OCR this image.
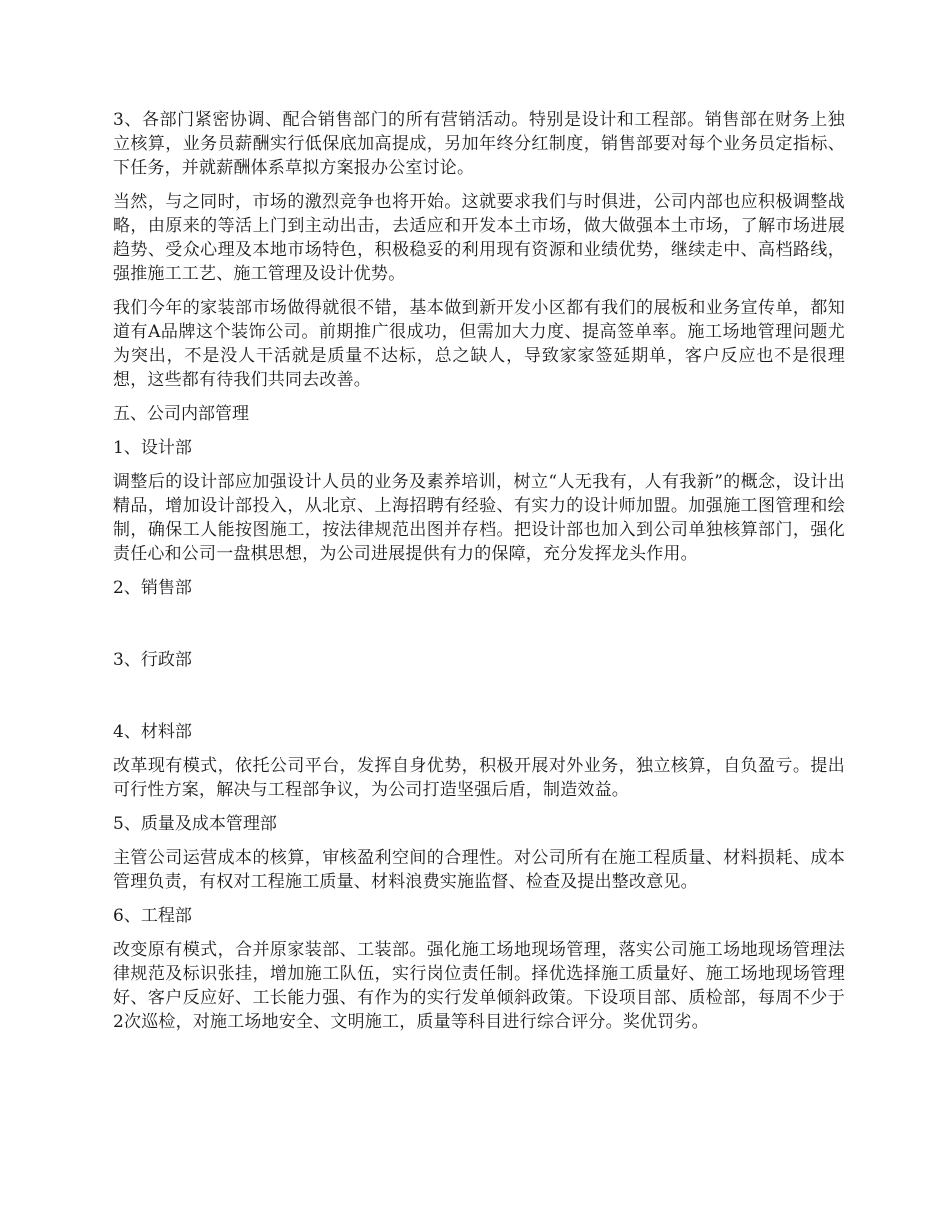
3、各部门紧密协调、配合销售部门的所有营销活动。特别是设计和工程部。销售部在财务上独立核算，业务员薪酬实行低保底加高提成，另加年终分红制度，销售部要对每个业务员定指标、下任务，并就薪酬体系草拟方案报办公室讨论。

当然，与之同时，市场的激烈竞争也将开始。这就要求我们与时俱进，公司内部也应积极调整战略，由原来的等活上门到主动出击，去适应和开发本土市场，做大做强本土市场，了解市场进展趋势、受众心理及本地市场特色，积极稳妥的利用现有资源和业绩优势，继续走中、高档路线，强推施工工艺、施工管理及设计优势。

我们今年的家装部市场做得就很不错，基本做到新开发小区都有我们的展板和业务宣传单，都知道有A品牌这个装饰公司。前期推广很成功，但需加大力度、提高签单率。施工场地管理问题尤为突出，不是没人干活就是质量不达标，总之缺人，导致家家签延期单，客户反应也不是很理想，这些都有待我们共同去改善。

五、公司内部管理

1、设计部

调整后的设计部应加强设计人员的业务及素养培训，树立“人无我有，人有我新”的概念，设计出精品，增加设计部投入，从北京、上海招聘有经验、有实力的设计师加盟。加强施工图管理和绘制，确保工人能按图施工，按法律规范出图并存档。把设计部也加入到公司单独核算部门，强化责任心和公司一盘棋思想，为公司进展提供有力的保障，充分发挥龙头作用。

2、销售部

3、行政部

4、材料部

改革现有模式，依托公司平台，发挥自身优势，积极开展对外业务，独立核算，自负盈亏。提出可行性方案，解决与工程部争议，为公司打造坚强后盾，制造效益。

5、质量及成本管理部

主管公司运营成本的核算，审核盈利空间的合理性。对公司所有在施工程质量、材料损耗、成本管理负责，有权对工程施工质量、材料浪费实施监督、检查及提出整改意见。

6、工程部

改变原有模式，合并原家装部、工装部。强化施工场地现场管理，落实公司施工场地现场管理法律规范及标识张挂，增加施工队伍，实行岗位责任制。择优选择施工质量好、施工场地现场管理好、客户反应好、工长能力强、有作为的实行发单倾斜政策。下设项目部、质检部，每周不少于2次巡检，对施工场地安全、文明施工，质量等科目进行综合评分。奖优罚劣。
